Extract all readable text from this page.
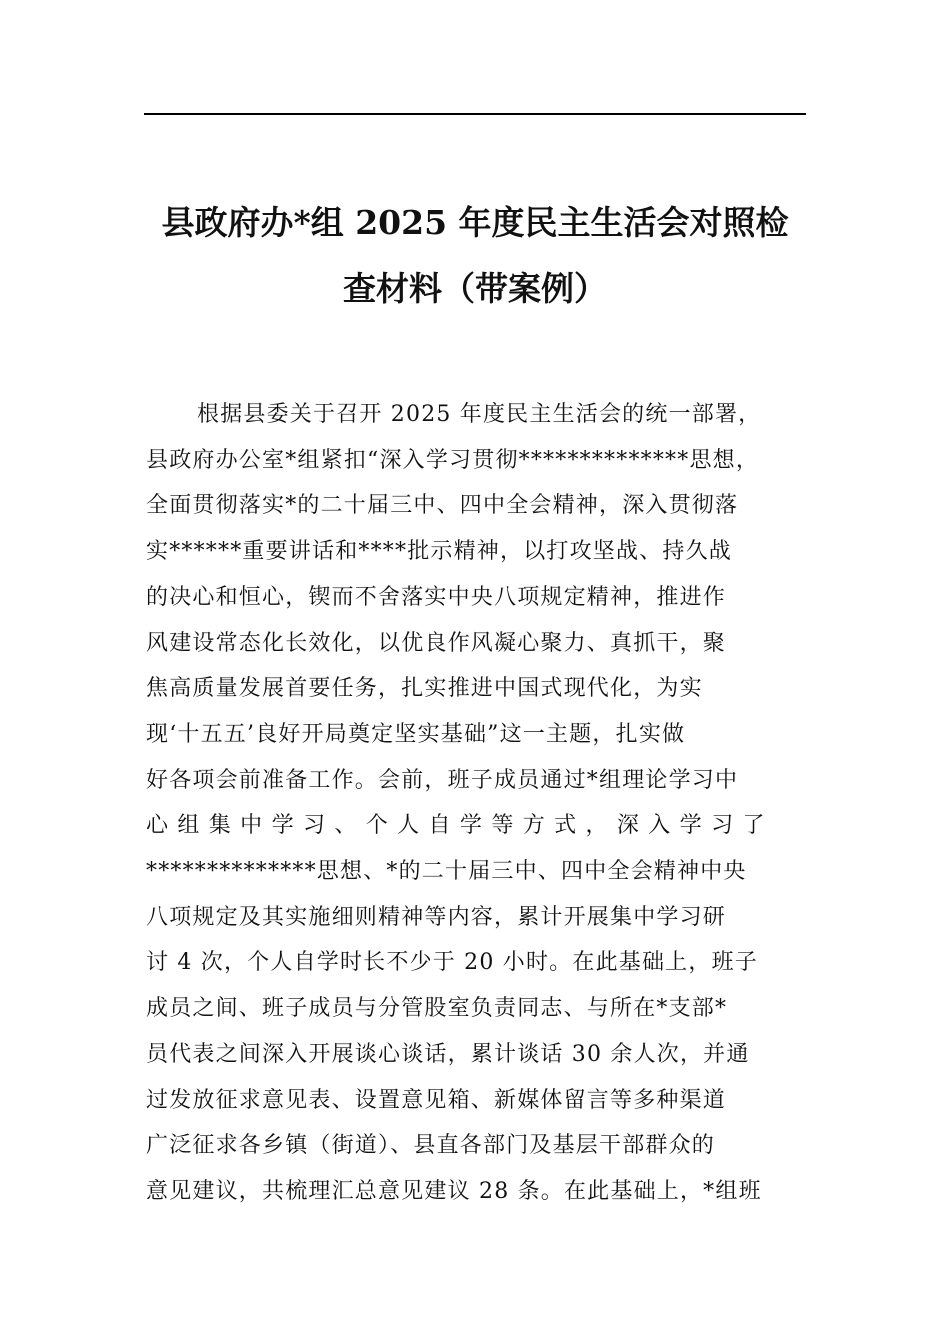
县政府办*组 2025 年度民主生活会对照检
查材料（带案例）
根据县委关于召开 2025 年度民主生活会的统一部署，
县政府办公室*组紧扣“深入学习贯彻**************思想，
全面贯彻落实*的二十届三中、四中全会精神，深入贯彻落
实******重要讲话和****批示精神，以打攻坚战、持久战
的决心和恒心，锲而不舍落实中央八项规定精神，推进作
风建设常态化长效化，以优良作风凝心聚力、真抓干，聚
焦高质量发展首要任务，扎实推进中国式现代化，为实
现‘十五五’良好开局奠定坚实基础”这一主题，扎实做
好各项会前准备工作。会前，班子成员通过*组理论学习中
心 组 集 中 学 习 、 个 人 自 学 等 方 式 ， 深 入 学 习 了
**************思想、*的二十届三中、四中全会精神中央
八项规定及其实施细则精神等内容，累计开展集中学习研
讨 4 次，个人自学时长不少于 20 小时。在此基础上，班子
成员之间、班子成员与分管股室负责同志、与所在*支部*
员代表之间深入开展谈心谈话，累计谈话 30 余人次，并通
过发放征求意见表、设置意见箱、新媒体留言等多种渠道
广泛征求各乡镇（街道）、县直各部门及基层干部群众的
意见建议，共梳理汇总意见建议 28 条。在此基础上，*组班
